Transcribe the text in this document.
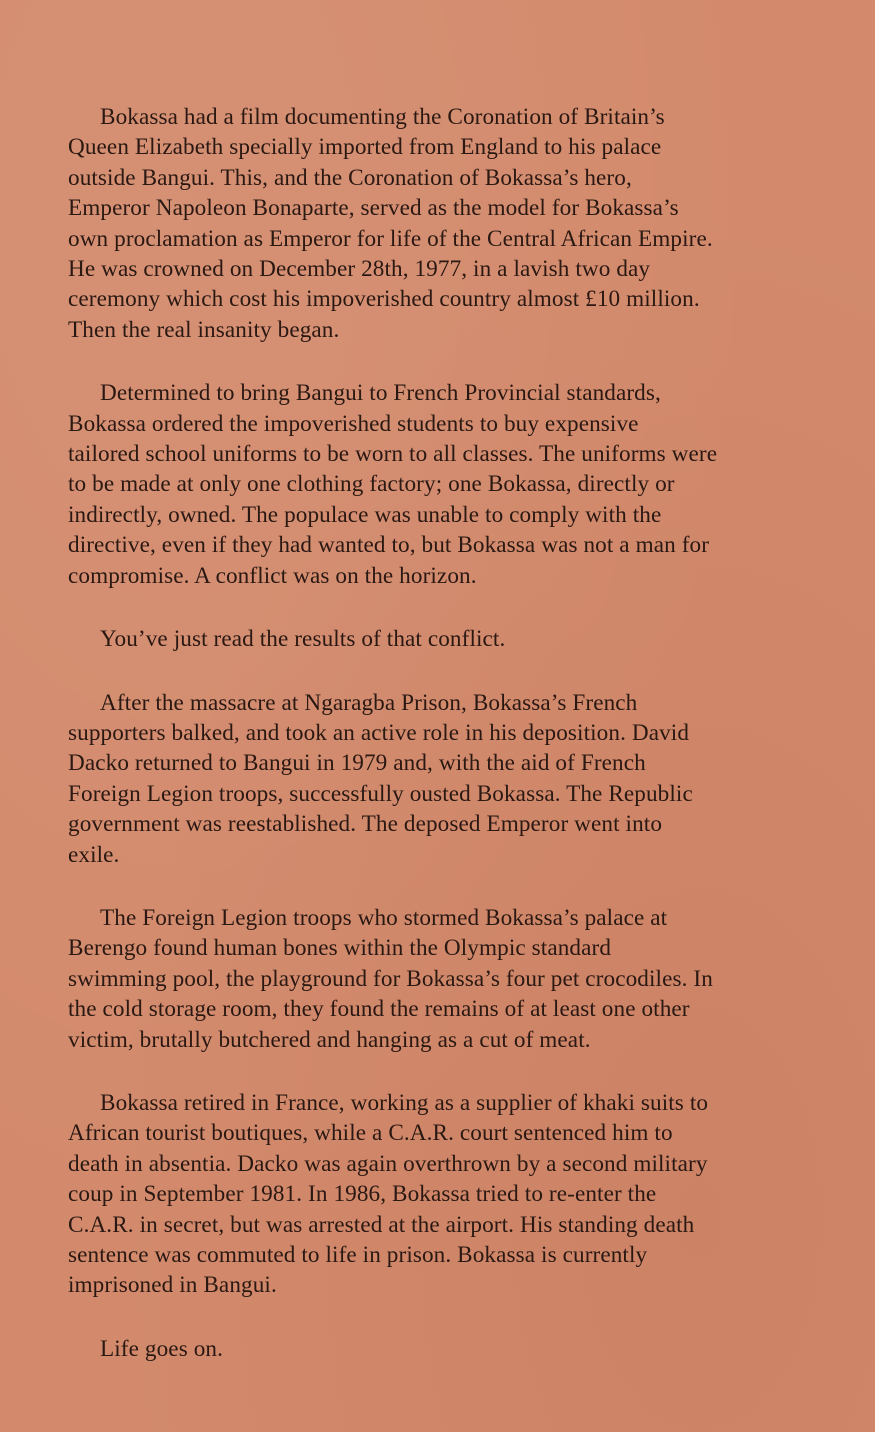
Bokassa had a film documenting the Coronation of Britain’s
Queen Elizabeth specially imported from England to his palace
outside Bangui. This, and the Coronation of Bokassa’s hero,
Emperor Napoleon Bonaparte, served as the model for Bokassa’s
own proclamation as Emperor for life of the Central African Empire.
He was crowned on December 28th, 1977, in a lavish two day
ceremony which cost his impoverished country almost £10 million.
Then the real insanity began.

Determined to bring Bangui to French Provincial standards,
Bokassa ordered the impoverished students to buy expensive
tailored school uniforms to be worn to all classes. The uniforms were
to be made at only one clothing factory; one Bokassa, directly or
indirectly, owned. The populace was unable to comply with the
directive, even if they had wanted to, but Bokassa was not a man for
compromise. A conflict was on the horizon.

You’ve just read the results of that conflict.

After the massacre at Ngaragba Prison, Bokassa’s French
supporters balked, and took an active role in his deposition. David
Dacko returned to Bangui in 1979 and, with the aid of French
Foreign Legion troops, successfully ousted Bokassa. The Republic
government was reestablished. The deposed Emperor went into
exile.

The Foreign Legion troops who stormed Bokassa’s palace at
Berengo found human bones within the Olympic standard
swimming pool, the playground for Bokassa’s four pet crocodiles. In
the cold storage room, they found the remains of at least one other
victim, brutally butchered and hanging as a cut of meat.

Bokassa retired in France, working as a supplier of khaki suits to
African tourist boutiques, while a C.A.R. court sentenced him to
death in absentia. Dacko was again overthrown by a second military
coup in September 1981. In 1986, Bokassa tried to re-enter the
C.A.R. in secret, but was arrested at the airport. His standing death
sentence was commuted to life in prison. Bokassa is currently
imprisoned in Bangui.

Life goes on.
